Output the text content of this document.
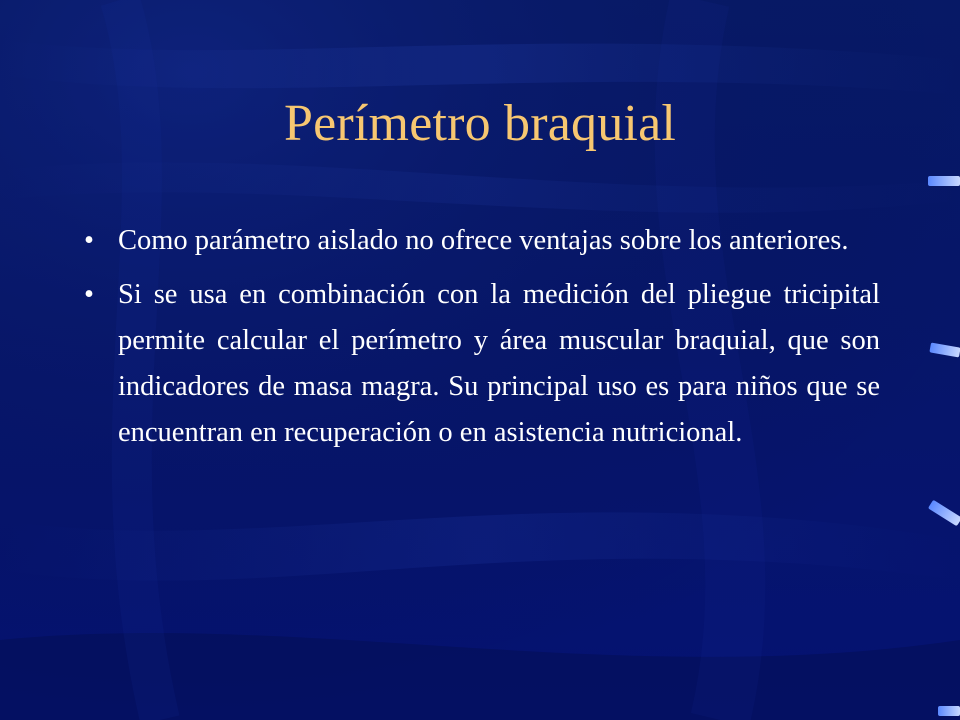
Perímetro braquial
• Como parámetro aislado no ofrece ventajas sobre los anteriores.
• Si se usa en combinación con la medición del pliegue tricipital permite calcular el perímetro y área muscular braquial, que son indicadores de masa magra. Su principal uso es para niños que se encuentran en recuperación o en asistencia nutricional.
